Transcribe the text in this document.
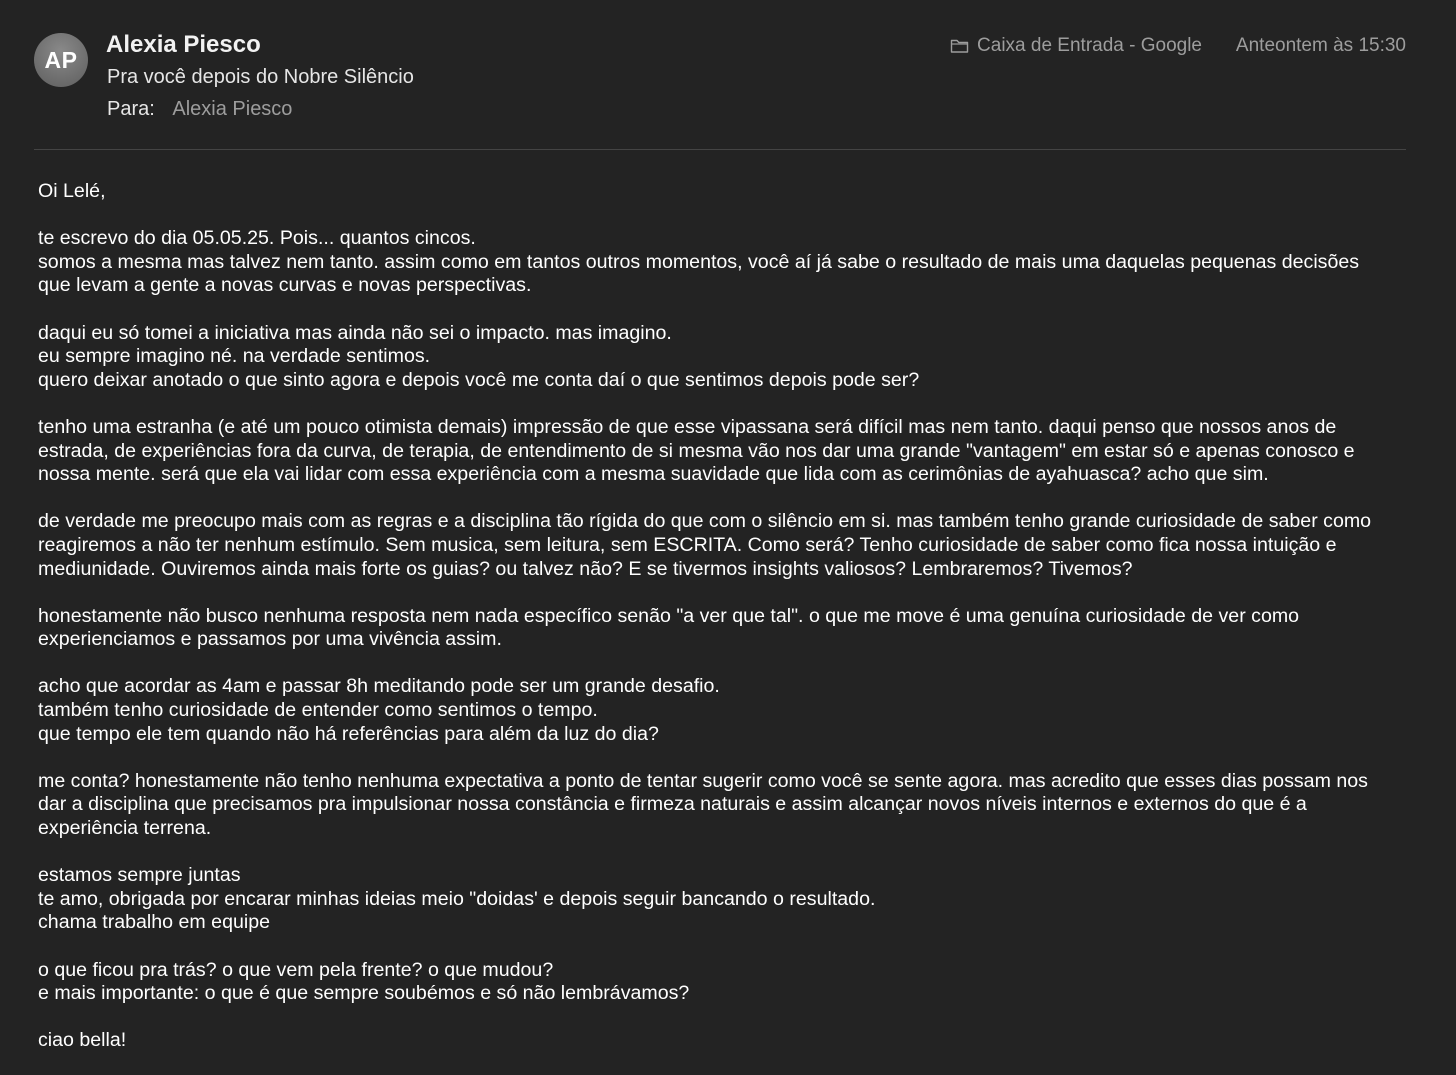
AP
Alexia Piesco
Pra você depois do Nobre Silêncio
Para: Alexia Piesco
Caixa de Entrada - Google Anteontem às 15:30
Oi Lelé,
te escrevo do dia 05.05.25. Pois... quantos cincos.
somos a mesma mas talvez nem tanto. assim como em tantos outros momentos, você aí já sabe o resultado de mais uma daquelas pequenas decisões
que levam a gente a novas curvas e novas perspectivas.
daqui eu só tomei a iniciativa mas ainda não sei o impacto. mas imagino.
eu sempre imagino né. na verdade sentimos.
quero deixar anotado o que sinto agora e depois você me conta daí o que sentimos depois pode ser?
tenho uma estranha (e até um pouco otimista demais) impressão de que esse vipassana será difícil mas nem tanto. daqui penso que nossos anos de
estrada, de experiências fora da curva, de terapia, de entendimento de si mesma vão nos dar uma grande "vantagem" em estar só e apenas conosco e
nossa mente. será que ela vai lidar com essa experiência com a mesma suavidade que lida com as cerimônias de ayahuasca? acho que sim.
de verdade me preocupo mais com as regras e a disciplina tão rígida do que com o silêncio em si. mas também tenho grande curiosidade de saber como
reagiremos a não ter nenhum estímulo. Sem musica, sem leitura, sem ESCRITA. Como será? Tenho curiosidade de saber como fica nossa intuição e
mediunidade. Ouviremos ainda mais forte os guias? ou talvez não? E se tivermos insights valiosos? Lembraremos? Tivemos?
honestamente não busco nenhuma resposta nem nada específico senão "a ver que tal". o que me move é uma genuína curiosidade de ver como
experienciamos e passamos por uma vivência assim.
acho que acordar as 4am e passar 8h meditando pode ser um grande desafio.
também tenho curiosidade de entender como sentimos o tempo.
que tempo ele tem quando não há referências para além da luz do dia?
me conta? honestamente não tenho nenhuma expectativa a ponto de tentar sugerir como você se sente agora. mas acredito que esses dias possam nos
dar a disciplina que precisamos pra impulsionar nossa constância e firmeza naturais e assim alcançar novos níveis internos e externos do que é a
experiência terrena.
estamos sempre juntas
te amo, obrigada por encarar minhas ideias meio "doidas' e depois seguir bancando o resultado.
chama trabalho em equipe
o que ficou pra trás? o que vem pela frente? o que mudou?
e mais importante: o que é que sempre soubémos e só não lembrávamos?
ciao bella!
